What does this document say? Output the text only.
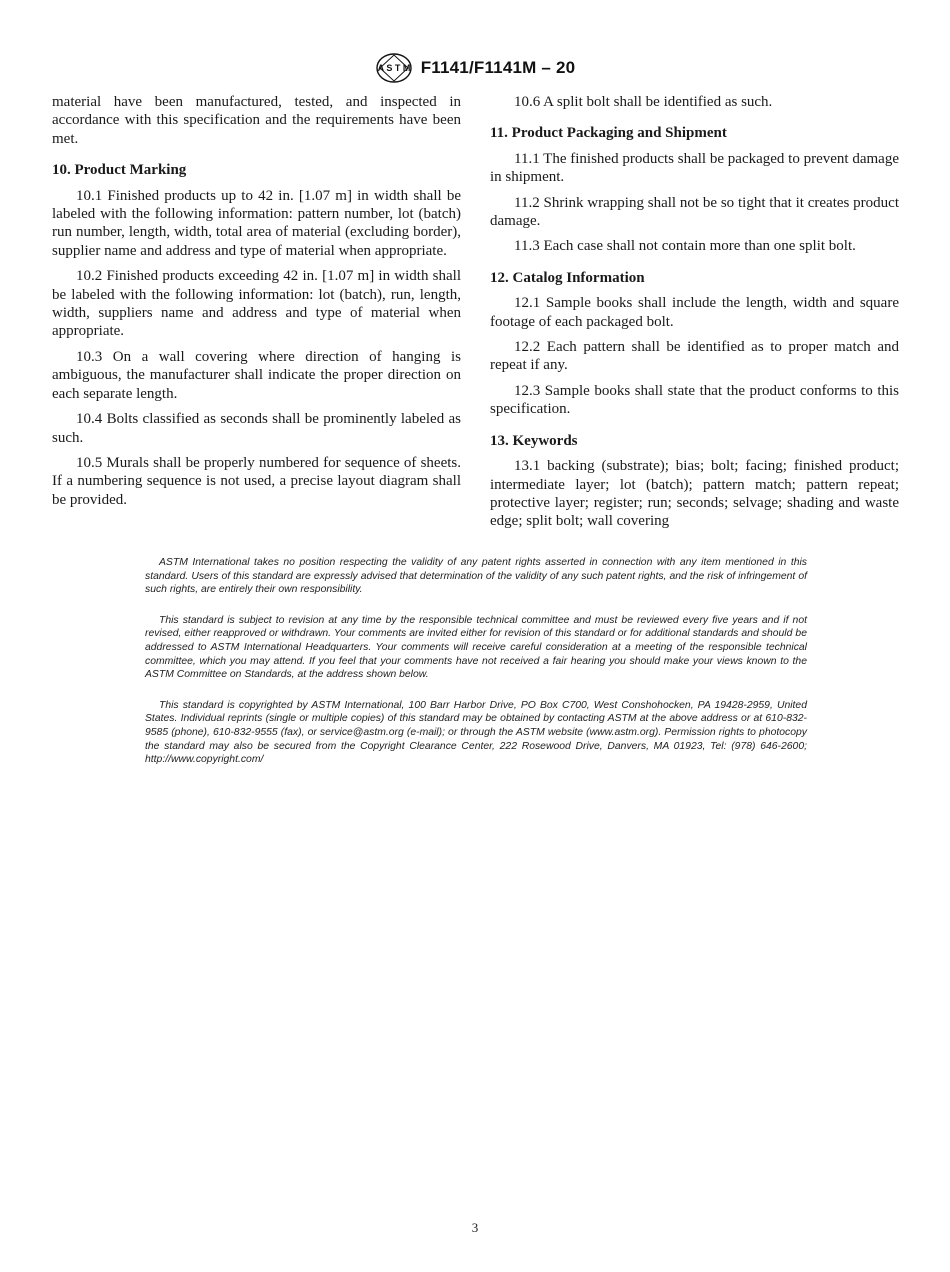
A S T M F1141/F1141M – 20

material have been manufactured, tested, and inspected in accordance with this specification and the requirements have been met.

10. Product Marking

10.1 Finished products up to 42 in. [1.07 m] in width shall be labeled with the following information: pattern number, lot (batch) run number, length, width, total area of material (excluding border), supplier name and address and type of material when appropriate.

10.2 Finished products exceeding 42 in. [1.07 m] in width shall be labeled with the following information: lot (batch), run, length, width, suppliers name and address and type of material when appropriate.

10.3 On a wall covering where direction of hanging is ambiguous, the manufacturer shall indicate the proper direction on each separate length.

10.4 Bolts classified as seconds shall be prominently labeled as such.

10.5 Murals shall be properly numbered for sequence of sheets. If a numbering sequence is not used, a precise layout diagram shall be provided.

10.6 A split bolt shall be identified as such.

11. Product Packaging and Shipment

11.1 The finished products shall be packaged to prevent damage in shipment.

11.2 Shrink wrapping shall not be so tight that it creates product damage.

11.3 Each case shall not contain more than one split bolt.

12. Catalog Information

12.1 Sample books shall include the length, width and square footage of each packaged bolt.

12.2 Each pattern shall be identified as to proper match and repeat if any.

12.3 Sample books shall state that the product conforms to this specification.

13. Keywords

13.1 backing (substrate); bias; bolt; facing; finished product; intermediate layer; lot (batch); pattern match; pattern repeat; protective layer; register; run; seconds; selvage; shading and waste edge; split bolt; wall covering

ASTM International takes no position respecting the validity of any patent rights asserted in connection with any item mentioned in this standard. Users of this standard are expressly advised that determination of the validity of any such patent rights, and the risk of infringement of such rights, are entirely their own responsibility.

This standard is subject to revision at any time by the responsible technical committee and must be reviewed every five years and if not revised, either reapproved or withdrawn. Your comments are invited either for revision of this standard or for additional standards and should be addressed to ASTM International Headquarters. Your comments will receive careful consideration at a meeting of the responsible technical committee, which you may attend. If you feel that your comments have not received a fair hearing you should make your views known to the ASTM Committee on Standards, at the address shown below.

This standard is copyrighted by ASTM International, 100 Barr Harbor Drive, PO Box C700, West Conshohocken, PA 19428-2959, United States. Individual reprints (single or multiple copies) of this standard may be obtained by contacting ASTM at the above address or at 610-832-9585 (phone), 610-832-9555 (fax), or service@astm.org (e-mail); or through the ASTM website (www.astm.org). Permission rights to photocopy the standard may also be secured from the Copyright Clearance Center, 222 Rosewood Drive, Danvers, MA 01923, Tel: (978) 646-2600; http://www.copyright.com/

3
